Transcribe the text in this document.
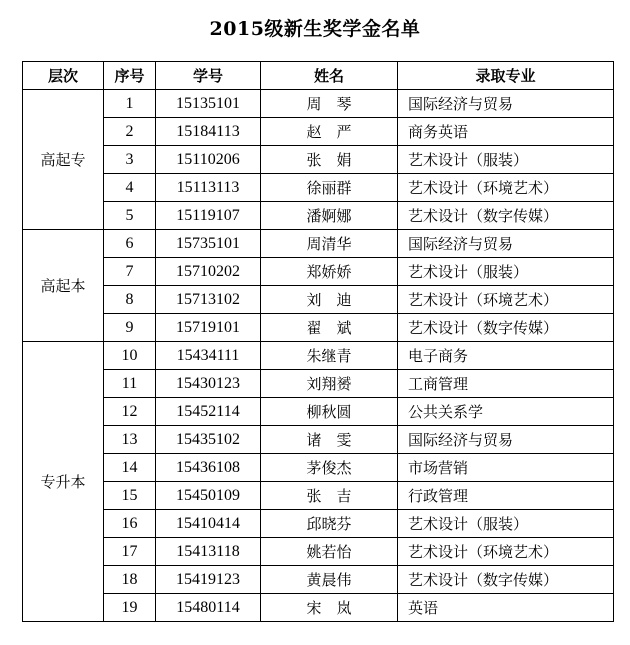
2015级新生奖学金名单
层次	序号	学号	姓名	录取专业
高起专	1	15135101	周　琴	国际经济与贸易
	2	15184113	赵　严	商务英语
	3	15110206	张　娟	艺术设计（服装）
	4	15113113	徐丽群	艺术设计（环境艺术）
	5	15119107	潘婀娜	艺术设计（数字传媒）
高起本	6	15735101	周清华	国际经济与贸易
	7	15710202	郑娇娇	艺术设计（服装）
	8	15713102	刘　迪	艺术设计（环境艺术）
	9	15719101	翟　斌	艺术设计（数字传媒）
专升本	10	15434111	朱继青	电子商务
	11	15430123	刘翔赟	工商管理
	12	15452114	柳秋圆	公共关系学
	13	15435102	诸　雯	国际经济与贸易
	14	15436108	茅俊杰	市场营销
	15	15450109	张　吉	行政管理
	16	15410414	邱晓芬	艺术设计（服装）
	17	15413118	姚若怡	艺术设计（环境艺术）
	18	15419123	黄晨伟	艺术设计（数字传媒）
	19	15480114	宋　岚	英语
